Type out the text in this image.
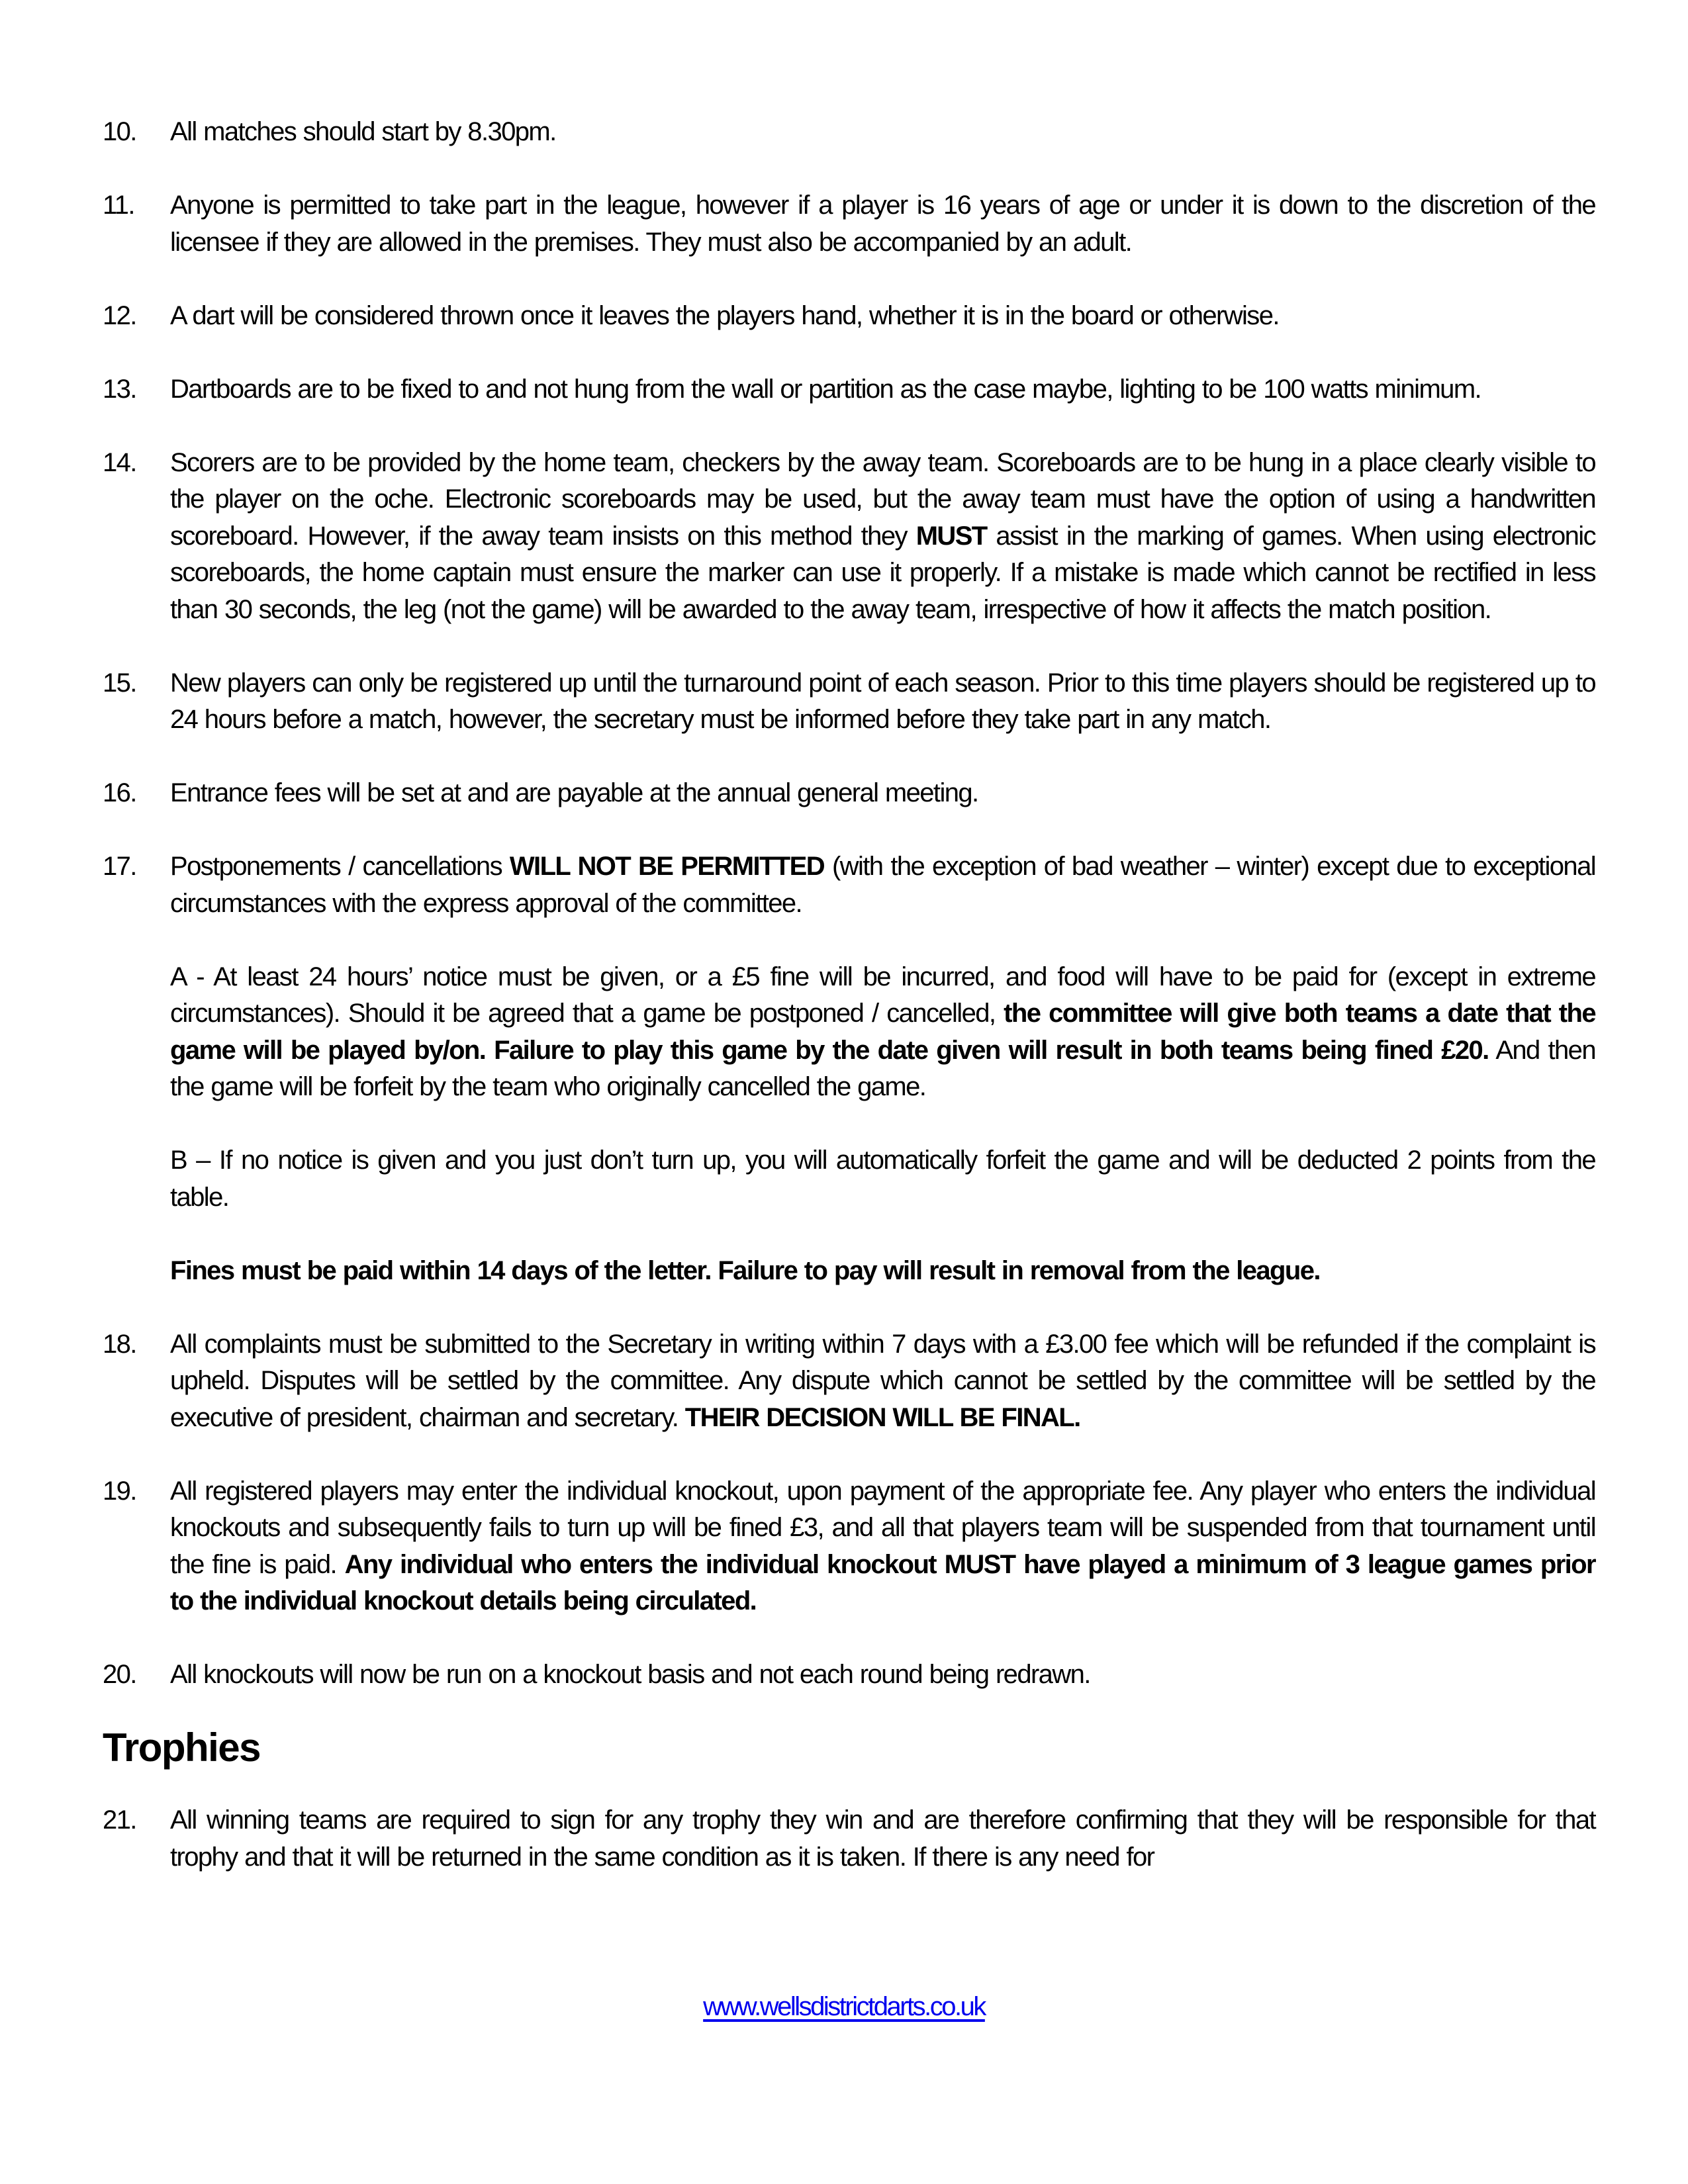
10.	All matches should start by 8.30pm.
11.	Anyone is permitted to take part in the league, however if a player is 16 years of age or under it is down to the discretion of the licensee if they are allowed in the premises. They must also be accompanied by an adult.
12.	A dart will be considered thrown once it leaves the players hand, whether it is in the board or otherwise.
13.	Dartboards are to be fixed to and not hung from the wall or partition as the case maybe, lighting to be 100 watts minimum.
14.	Scorers are to be provided by the home team, checkers by the away team. Scoreboards are to be hung in a place clearly visible to the player on the oche. Electronic scoreboards may be used, but the away team must have the option of using a handwritten scoreboard. However, if the away team insists on this method they MUST assist in the marking of games. When using electronic scoreboards, the home captain must ensure the marker can use it properly. If a mistake is made which cannot be rectified in less than 30 seconds, the leg (not the game) will be awarded to the away team, irrespective of how it affects the match position.
15.	New players can only be registered up until the turnaround point of each season. Prior to this time players should be registered up to 24 hours before a match, however, the secretary must be informed before they take part in any match.
16.	Entrance fees will be set at and are payable at the annual general meeting.
17.	Postponements / cancellations WILL NOT BE PERMITTED (with the exception of bad weather – winter) except due to exceptional circumstances with the express approval of the committee.
A - At least 24 hours’ notice must be given, or a £5 fine will be incurred, and food will have to be paid for (except in extreme circumstances). Should it be agreed that a game be postponed / cancelled, the committee will give both teams a date that the game will be played by/on. Failure to play this game by the date given will result in both teams being fined £20. And then the game will be forfeit by the team who originally cancelled the game.
B – If no notice is given and you just don’t turn up, you will automatically forfeit the game and will be deducted 2 points from the table.
Fines must be paid within 14 days of the letter. Failure to pay will result in removal from the league.
18.	All complaints must be submitted to the Secretary in writing within 7 days with a £3.00 fee which will be refunded if the complaint is upheld. Disputes will be settled by the committee. Any dispute which cannot be settled by the committee will be settled by the executive of president, chairman and secretary. THEIR DECISION WILL BE FINAL.
19.	All registered players may enter the individual knockout, upon payment of the appropriate fee. Any player who enters the individual knockouts and subsequently fails to turn up will be fined £3, and all that players team will be suspended from that tournament until the fine is paid. Any individual who enters the individual knockout MUST have played a minimum of 3 league games prior to the individual knockout details being circulated.
20.	All knockouts will now be run on a knockout basis and not each round being redrawn.
Trophies
21.	All winning teams are required to sign for any trophy they win and are therefore confirming that they will be responsible for that trophy and that it will be returned in the same condition as it is taken. If there is any need for
www.wellsdistrictdarts.co.uk
